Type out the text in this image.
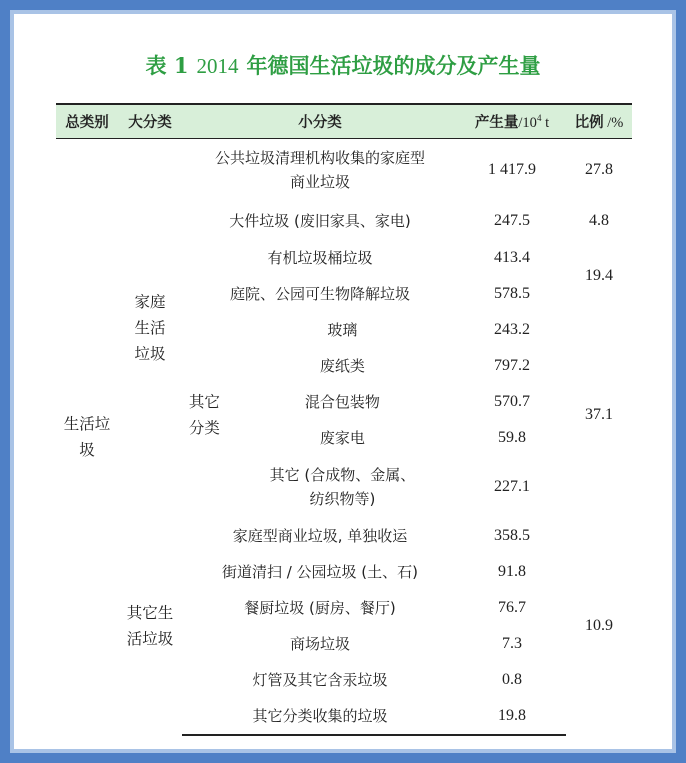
表 1 2014 年德国生活垃圾的成分及产生量
总类别	大分类	小分类		产生量$/10^4$ t	比例 /%

生活垃圾	家庭生活垃圾	公共垃圾清理机构收集的家庭型商业垃圾		1 417.9	27.8
		大件垃圾 (废旧家具、家电)		247.5	4.8
		有机垃圾桶垃圾		413.4	19.4
		庭院、公园可生物降解垃圾		578.5	

		其它分类	玻璃	243.2	37.1
			废纸类	797.2	
			混合包装物	570.7	
			废家电	59.8	

			其它 (合成物、金属、纺织物等)	227.1	

	其它生活垃圾	家庭型商业垃圾, 单独收运		358.5	10.9
		街道清扫 / 公园垃圾 (土、石)		91.8	
		餐厨垃圾 (厨房、餐厅)		76.7	
		商场垃圾		7.3	
		灯管及其它含汞垃圾		0.8	
		其它分类收集的垃圾		19.8	
